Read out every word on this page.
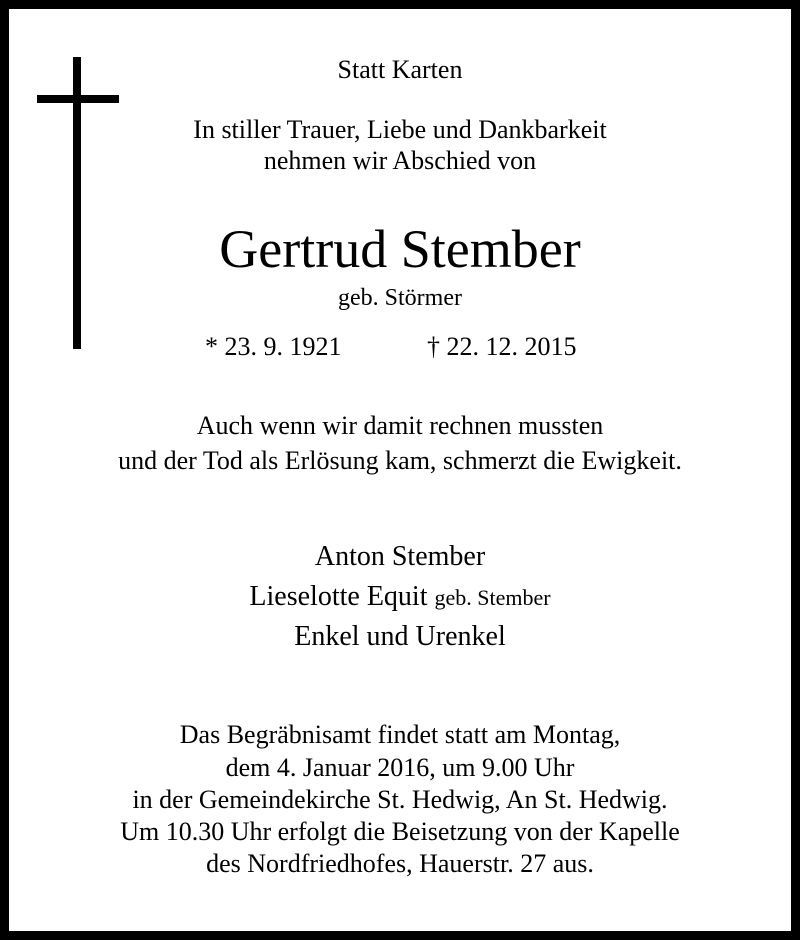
Statt Karten
In stiller Trauer, Liebe und Dankbarkeit
nehmen wir Abschied von
Gertrud Stember
geb. Störmer
* 23. 9. 1921	† 22. 12. 2015
Auch wenn wir damit rechnen mussten
und der Tod als Erlösung kam, schmerzt die Ewigkeit.
Anton Stember
Lieselotte Equit geb. Stember
Enkel und Urenkel
Das Begräbnisamt findet statt am Montag,
dem 4. Januar 2016, um 9.00 Uhr
in der Gemeindekirche St. Hedwig, An St. Hedwig.
Um 10.30 Uhr erfolgt die Beisetzung von der Kapelle
des Nordfriedhofes, Hauerstr. 27 aus.
